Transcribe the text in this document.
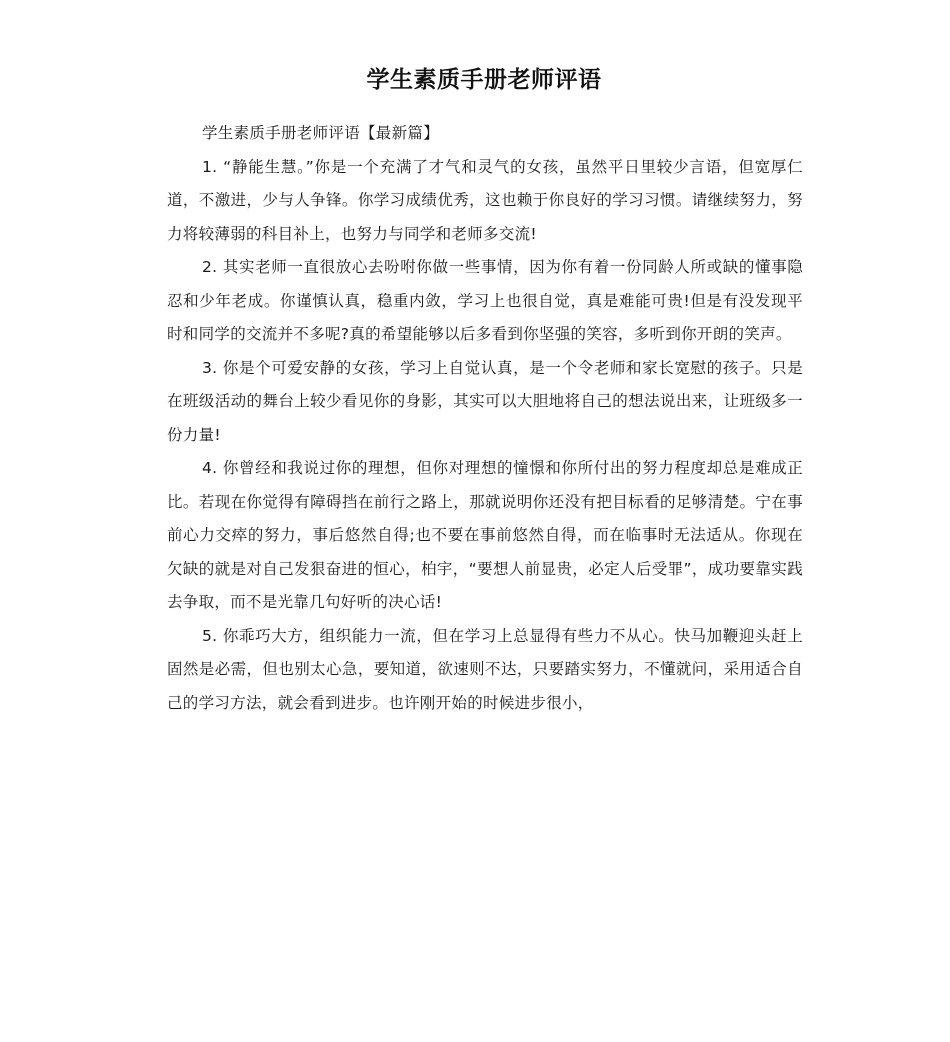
学生素质手册老师评语

学生素质手册老师评语【最新篇】

1. “静能生慧。”你是一个充满了才气和灵气的女孩，虽然平日里较少言语，但宽厚仁道，不激进，少与人争锋。你学习成绩优秀，这也赖于你良好的学习习惯。请继续努力，努力将较薄弱的科目补上，也努力与同学和老师多交流!

2. 其实老师一直很放心去吩咐你做一些事情，因为你有着一份同龄人所或缺的懂事隐忍和少年老成。你谨慎认真，稳重内敛，学习上也很自觉，真是难能可贵!但是有没发现平时和同学的交流并不多呢?真的希望能够以后多看到你坚强的笑容，多听到你开朗的笑声。

3. 你是个可爱安静的女孩，学习上自觉认真，是一个令老师和家长宽慰的孩子。只是在班级活动的舞台上较少看见你的身影，其实可以大胆地将自己的想法说出来，让班级多一份力量!

4. 你曾经和我说过你的理想，但你对理想的憧憬和你所付出的努力程度却总是难成正比。若现在你觉得有障碍挡在前行之路上，那就说明你还没有把目标看的足够清楚。宁在事前心力交瘁的努力，事后悠然自得;也不要在事前悠然自得，而在临事时无法适从。你现在欠缺的就是对自己发狠奋进的恒心，柏宇，“要想人前显贵，必定人后受罪”，成功要靠实践去争取，而不是光靠几句好听的决心话!

5. 你乖巧大方，组织能力一流，但在学习上总显得有些力不从心。快马加鞭迎头赶上固然是必需，但也别太心急，要知道，欲速则不达，只要踏实努力，不懂就问，采用适合自己的学习方法，就会看到进步。也许刚开始的时候进步很小，
